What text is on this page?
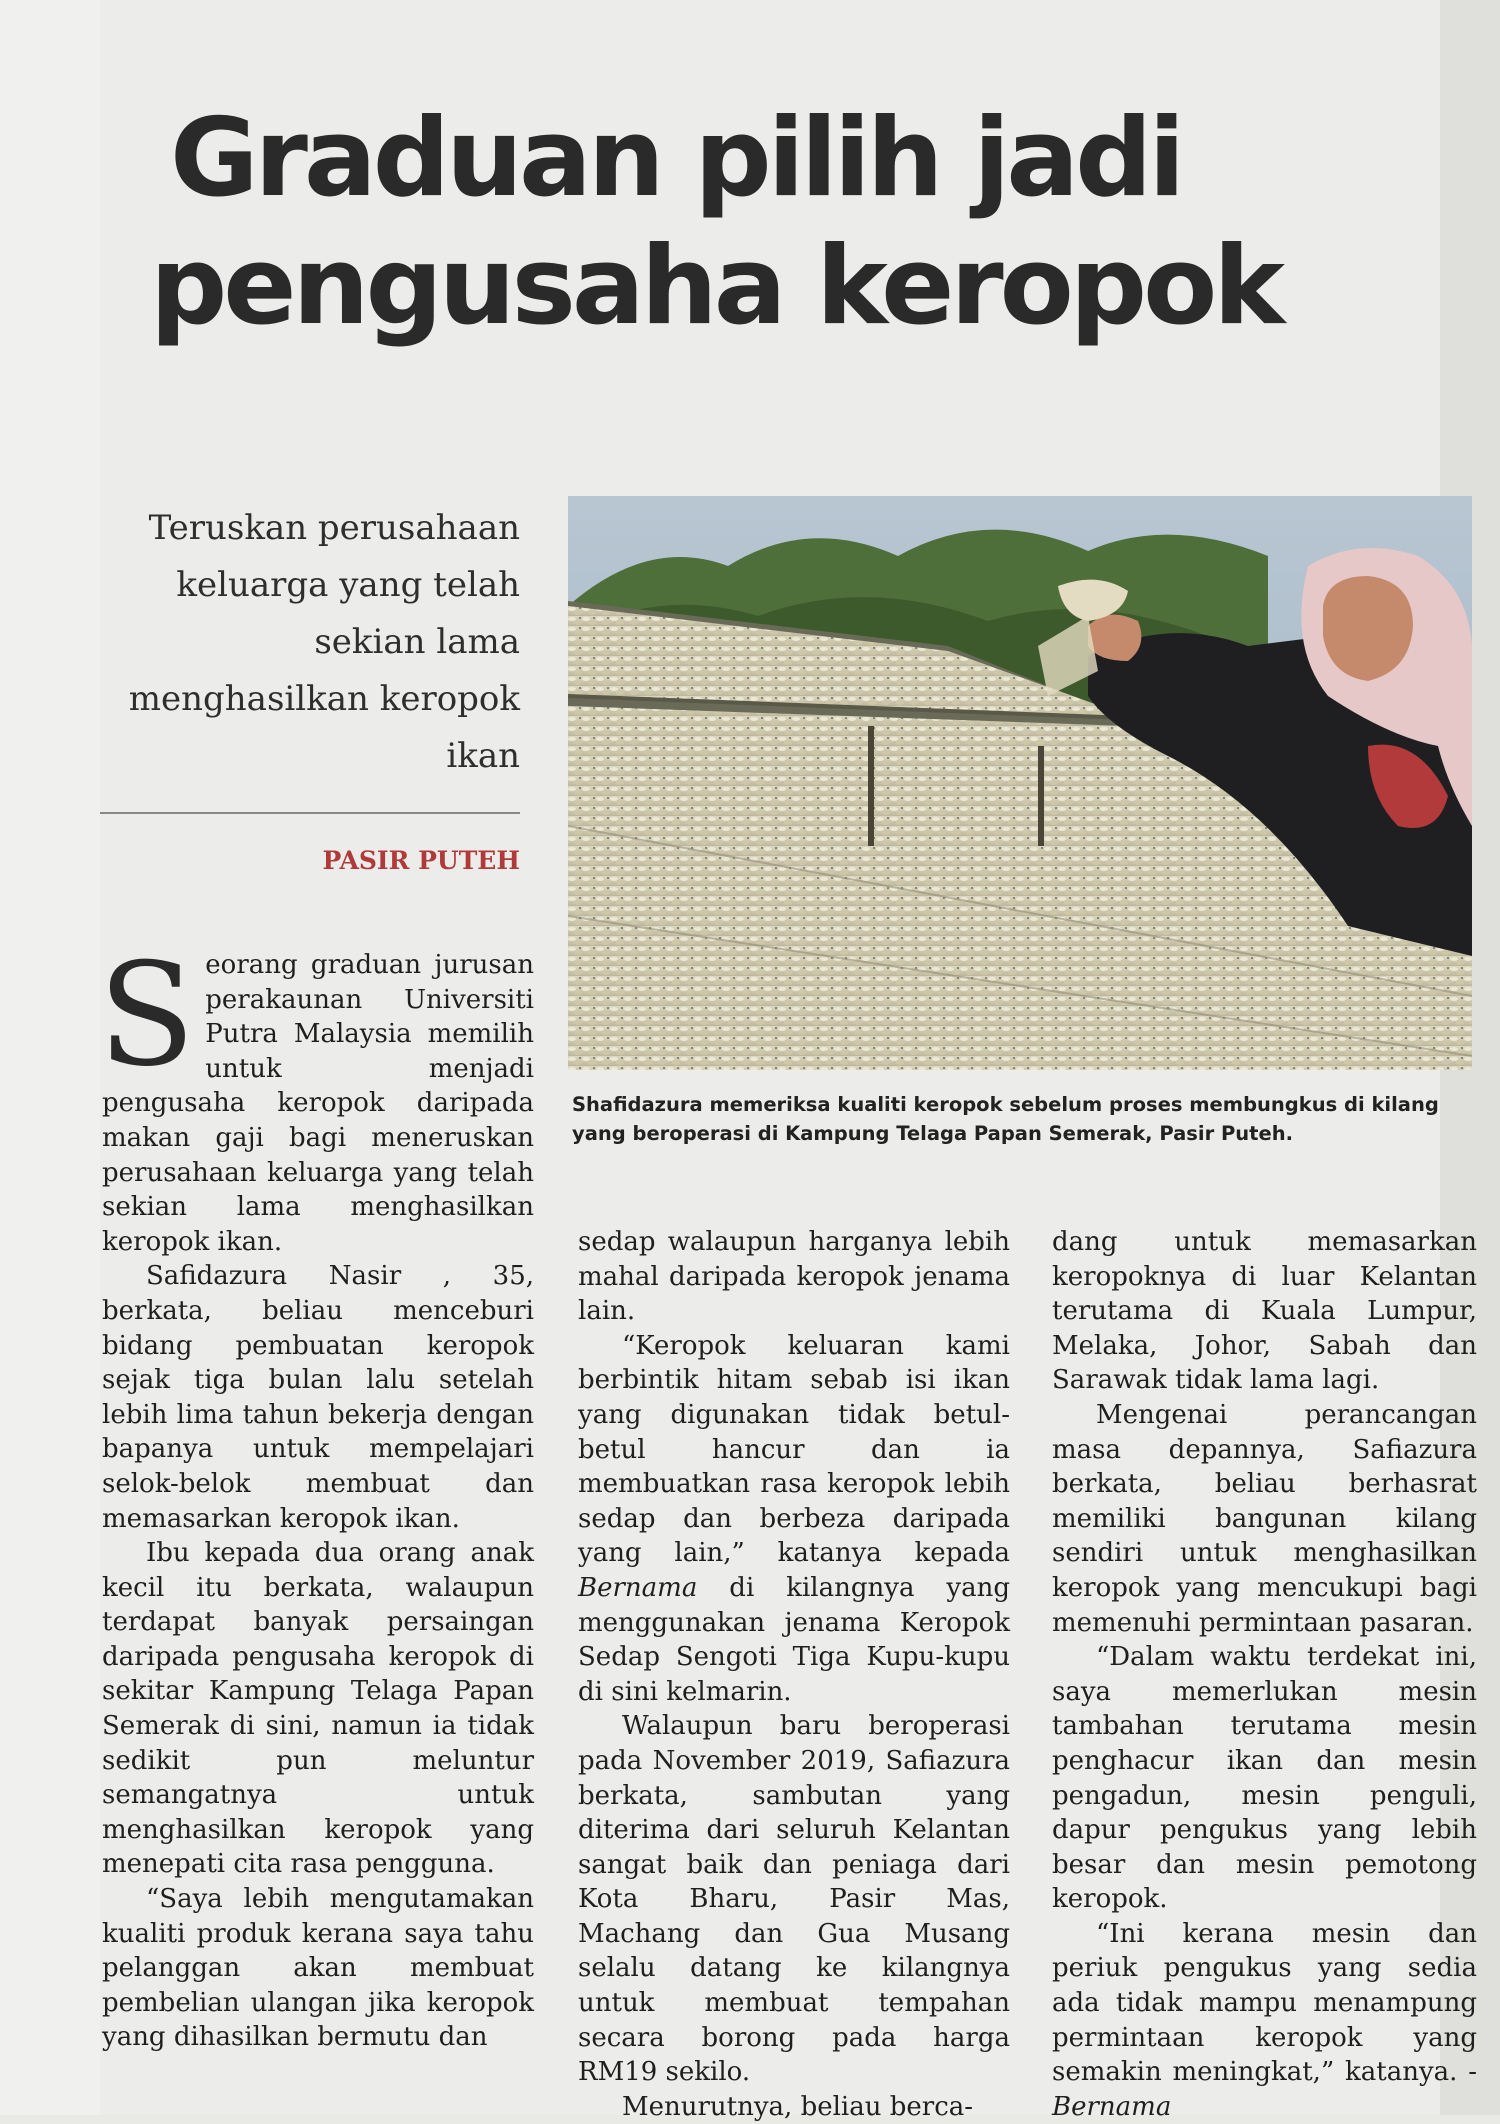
Graduan pilih jadi
pengusaha keropok
Teruskan perusahaan keluarga yang telah sekian lama menghasilkan keropok ikan
PASIR PUTEH
Shafidazura memeriksa kualiti keropok sebelum proses membungkus di kilang yang beroperasi di Kampung Telaga Papan Semerak, Pasir Puteh.

Seorang graduan jurusan perakaunan Universiti Putra Malaysia memilih untuk menjadi pengusaha keropok daripada makan gaji bagi meneruskan perusahaan keluarga yang telah sekian lama menghasilkan keropok ikan.

Safidazura Nasir , 35, berkata, beliau menceburi bidang pembuatan keropok sejak tiga bulan lalu setelah lebih lima tahun bekerja dengan bapanya untuk mempelajari selok-belok membuat dan memasarkan keropok ikan.

Ibu kepada dua orang anak kecil itu berkata, walaupun terdapat banyak persaingan daripada pengusaha keropok di sekitar Kampung Telaga Papan Semerak di sini, namun ia tidak sedikit pun meluntur semangatnya untuk menghasilkan keropok yang menepati cita rasa pengguna.

“Saya lebih mengutamakan kualiti produk kerana saya tahu pelanggan akan membuat pembelian ulangan jika keropok yang dihasilkan bermutu dan

sedap walaupun harganya lebih mahal daripada keropok jenama lain.

“Keropok keluaran kami berbintik hitam sebab isi ikan yang digunakan tidak betul-betul hancur dan ia membuatkan rasa keropok lebih sedap dan berbeza daripada yang lain,” katanya kepada Bernama di kilangnya yang menggunakan jenama Keropok Sedap Sengoti Tiga Kupu-kupu di sini kelmarin.

Walaupun baru beroperasi pada November 2019, Safiazura berkata, sambutan yang diterima dari seluruh Kelantan sangat baik dan peniaga dari Kota Bharu, Pasir Mas, Machang dan Gua Musang selalu datang ke kilangnya untuk membuat tempahan secara borong pada harga RM19 sekilo.

Menurutnya, beliau berca-

dang untuk memasarkan keropoknya di luar Kelantan terutama di Kuala Lumpur, Melaka, Johor, Sabah dan Sarawak tidak lama lagi.

Mengenai perancangan masa depannya, Safiazura berkata, beliau berhasrat memiliki bangunan kilang sendiri untuk menghasilkan keropok yang mencukupi bagi memenuhi permintaan pasaran.

“Dalam waktu terdekat ini, saya memerlukan mesin tambahan terutama mesin penghacur ikan dan mesin pengadun, mesin penguli, dapur pengukus yang lebih besar dan mesin pemotong keropok.

“Ini kerana mesin dan periuk pengukus yang sedia ada tidak mampu menampung permintaan keropok yang semakin meningkat,” katanya. - Bernama
